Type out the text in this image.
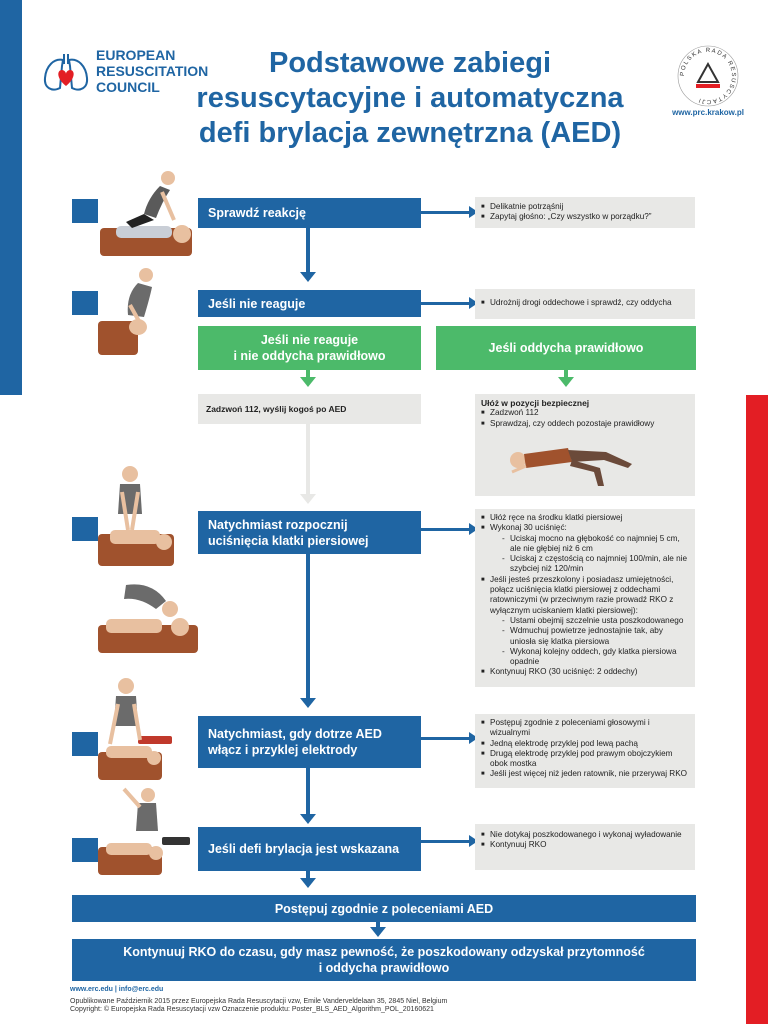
EUROPEAN
RESUSCITATION
COUNCIL
Podstawowe zabiegi
resuscytacyjne i automatyczna
defi brylacja zewnętrzna (AED)
POLSKA RADA RESUSCYTACJI
www.prc.krakow.pl
Sprawdź reakcję	■ Delikatnie potrząśnij
■ Zapytaj głośno: „Czy wszystko w porządku?”
Jeśli nie reaguje	■ Udrożnij drogi oddechowe i sprawdź, czy oddycha
Jeśli nie reaguje
i nie oddycha prawidłowo
Jeśli oddycha prawidłowo
Zadzwoń 112, wyślij kogoś po AED
Ułóż w pozycji bezpiecznej
■ Zadzwoń 112
■ Sprawdzaj, czy oddech pozostaje prawidłowy
Natychmiast rozpocznij
uciśnięcia klatki piersiowej
■ Ułóż ręce na środku klatki piersiowej
■ Wykonaj 30 uciśnięć:
- Uciskaj mocno na głębokość co najmniej 5 cm, ale nie głębiej niż 6 cm
- Uciskaj z częstością co najmniej 100/min, ale nie szybciej niż 120/min
■ Jeśli jesteś przeszkolony i posiadasz umiejętności, połącz uciśnięcia klatki piersiowej z oddechami ratowniczymi (w przeciwnym razie prowadź RKO z wyłącznym uciskaniem klatki piersiowej):
- Ustami obejmij szczelnie usta poszkodowanego
- Wdmuchuj powietrze jednostajnie tak, aby uniosła się klatka piersiowa
- Wykonaj kolejny oddech, gdy klatka piersiowa opadnie
■ Kontynuuj RKO (30 uciśnięć: 2 oddechy)
Natychmiast, gdy dotrze AED
włącz i przyklej elektrody
■ Postępuj zgodnie z poleceniami głosowymi i wizualnymi
■ Jedną elektrodę przyklej pod lewą pachą
■ Drugą elektrodę przyklej pod prawym obojczykiem obok mostka
■ Jeśli jest więcej niż jeden ratownik, nie przerywaj RKO
Jeśli defi brylacja jest wskazana
■ Nie dotykaj poszkodowanego i wykonaj wyładowanie
■ Kontynuuj RKO
Postępuj zgodnie z poleceniami AED
Kontynuuj RKO do czasu, gdy masz pewność, że poszkodowany odzyskał przytomność
i oddycha prawidłowo
www.erc.edu | info@erc.edu
Opublikowane Październik 2015 przez Europejska Rada Resuscytacji vzw, Emile Vanderveldelaan 35, 2845 Niel, Belgium
Copyright: © Europejska Rada Resuscytacji vzw Oznaczenie produktu: Poster_BLS_AED_Algorithm_POL_20160621
